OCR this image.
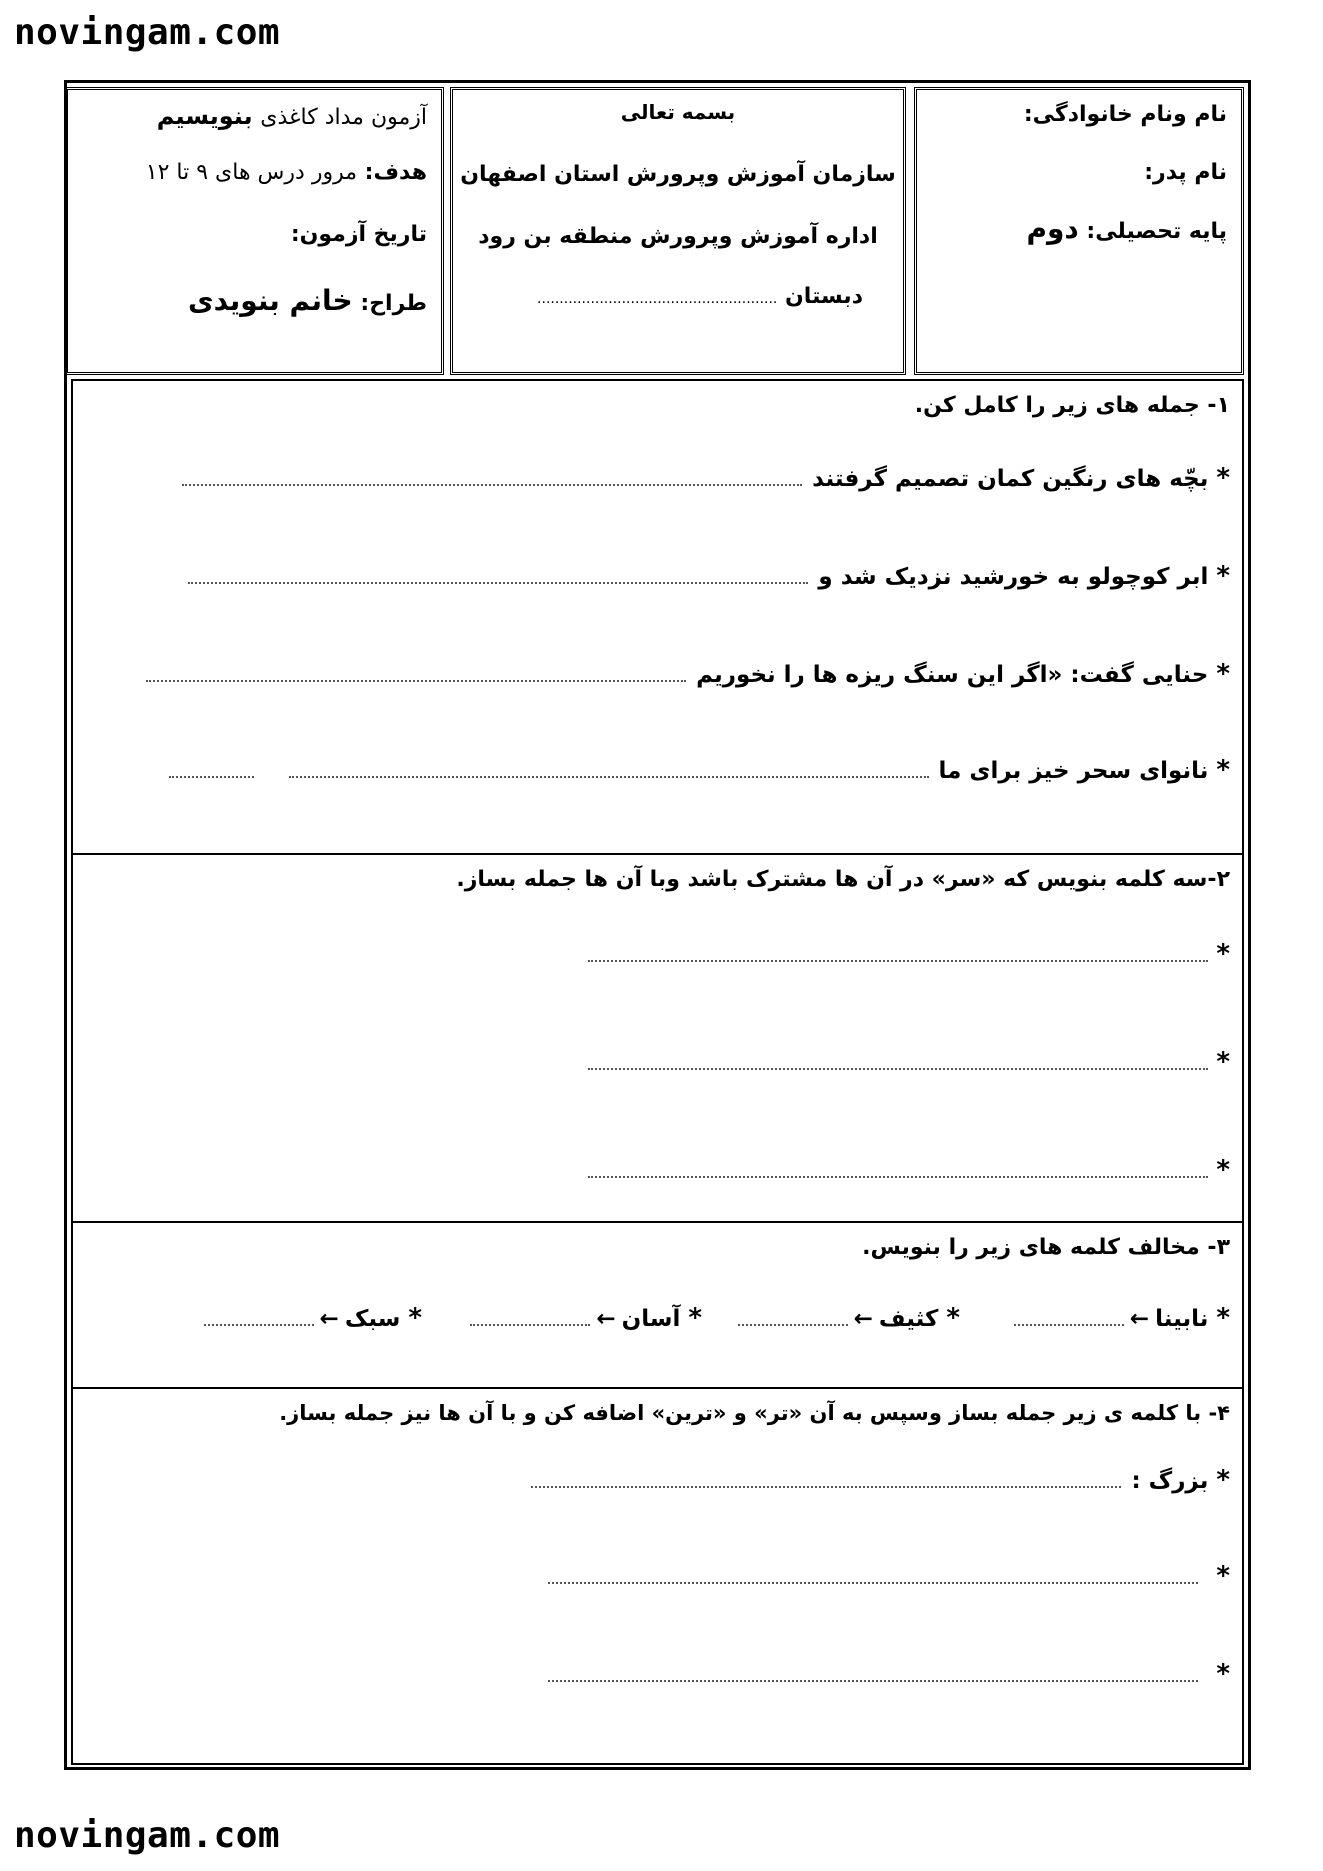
novingam.com
نام ونام خانوادگی:
نام پدر:
پایه تحصیلی: دوم
بسمه تعالی
سازمان آموزش وپرورش استان اصفهان
اداره آموزش وپرورش منطقه بن رود
دبستان ......................................................
آزمون مداد کاغذی بنویسیم
هدف: مرور درس های ۹ تا ۱۲
تاریخ آزمون:
طراح: خانم بنویدی
۱- جمله های زیر را کامل کن.
*
بچّه های رنگین کمان تصمیم گرفتند
*
ابر کوچولو به خورشید نزدیک شد و
*
حنایی گفت: «اگر این سنگ ریزه ها را نخوریم
*
نانوای سحر خیز برای ما
۲-سه کلمه بنویس که «سر» در آن ها مشترک باشد وبا آن ها جمله بساز.
*
*
*
۳- مخالف کلمه های زیر را بنویس.
*
نابینا
←
*
کثیف
←
*
آسان
←
*
سبک
←
۴- با کلمه ی زیر جمله بساز وسپس به آن «تر» و «ترین» اضافه کن و با آن ها نیز جمله بساز.
*
بزرگ :
*
*
novingam.com
